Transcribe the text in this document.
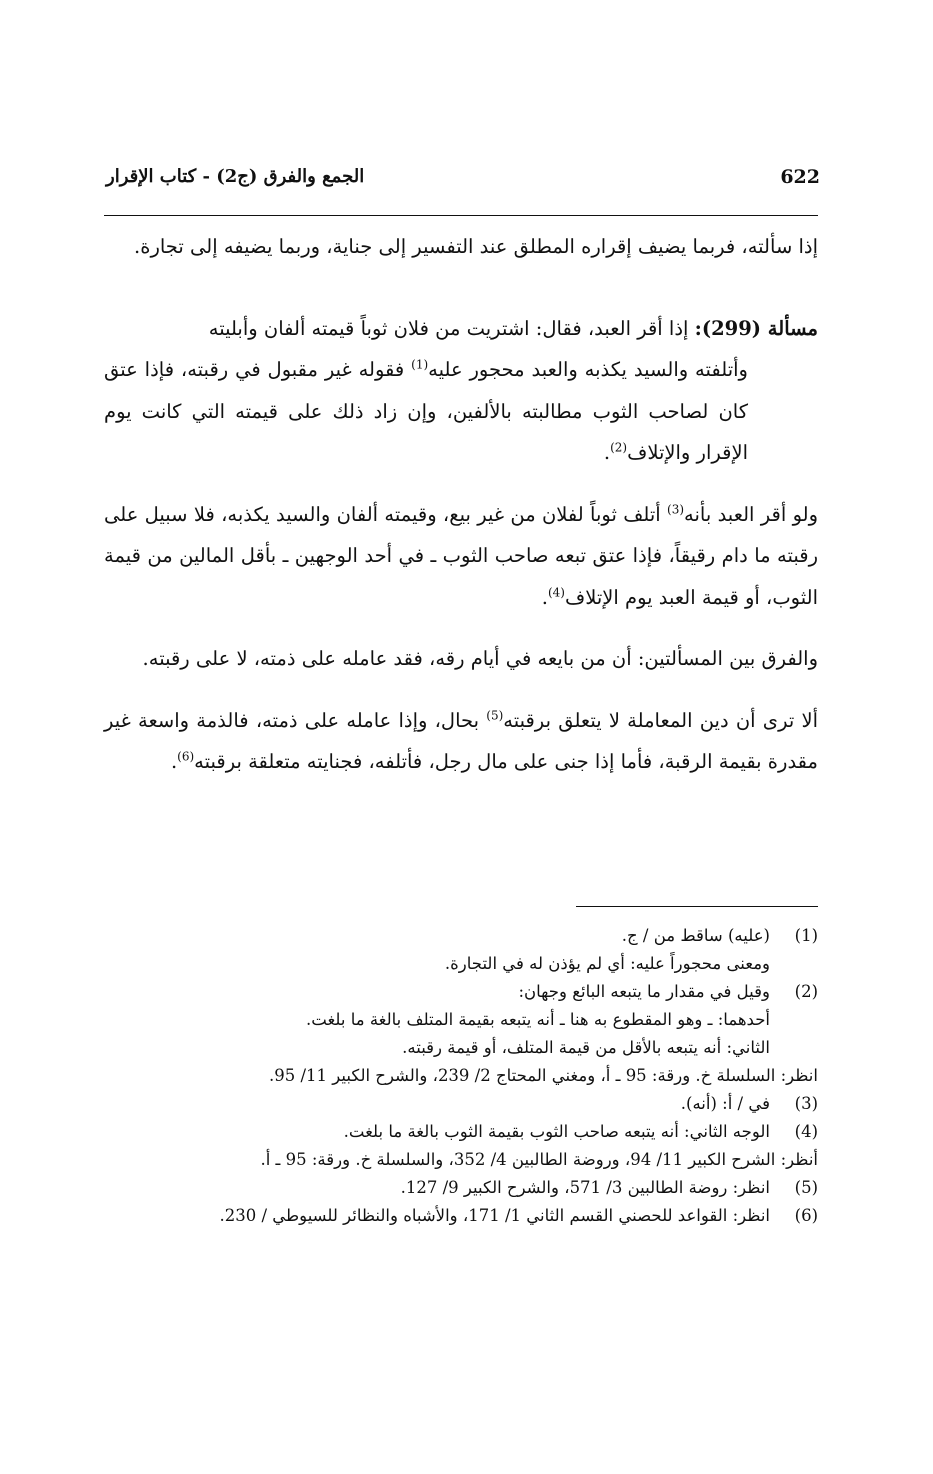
622
الجمع والفرق (ج2) - كتاب الإقرار

إذا سألته، فربما يضيف إقراره المطلق عند التفسير إلى جناية، وربما يضيفه إلى تجارة.

مسألة (299): إذا أقر العبد، فقال: اشتريت من فلان ثوباً قيمته ألفان وأبليته
وأتلفته والسيد يكذبه والعبد محجور عليه$^{(1)}$ فقوله غير مقبول في رقبته، فإذا عتق كان لصاحب الثوب مطالبته بالألفين، وإن زاد ذلك على قيمته التي كانت يوم الإقرار والإتلاف$^{(2)}$.

ولو أقر العبد بأنه$^{(3)}$ أتلف ثوباً لفلان من غير بيع، وقيمته ألفان والسيد يكذبه، فلا سبيل على رقبته ما دام رقيقاً، فإذا عتق تبعه صاحب الثوب ـ في أحد الوجهين ـ بأقل المالين من قيمة الثوب، أو قيمة العبد يوم الإتلاف$^{(4)}$.

والفرق بين المسألتين: أن من بايعه في أيام رقه، فقد عامله على ذمته، لا على رقبته.

ألا ترى أن دين المعاملة لا يتعلق برقبته$^{(5)}$ بحال، وإذا عامله على ذمته، فالذمة واسعة غير مقدرة بقيمة الرقبة، فأما إذا جنى على مال رجل، فأتلفه، فجنايته متعلقة برقبته$^{(6)}$.

(1)
(عليه) ساقط من / ج.
ومعنى محجوراً عليه: أي لم يؤذن له في التجارة.
(2)
وقيل في مقدار ما يتبعه البائع وجهان:
أحدهما: ـ وهو المقطوع به هنا ـ أنه يتبعه بقيمة المتلف بالغة ما بلغت.
الثاني: أنه يتبعه بالأقل من قيمة المتلف، أو قيمة رقبته.
انظر: السلسلة خ. ورقة: 95 ـ أ، ومغني المحتاج 2/ 239، والشرح الكبير 11/ 95.
(3)
في / أ: (أنه).
(4)
الوجه الثاني: أنه يتبعه صاحب الثوب بقيمة الثوب بالغة ما بلغت.
أنظر: الشرح الكبير 11/ 94، وروضة الطالبين 4/ 352، والسلسلة خ. ورقة: 95 ـ أ.
(5)
انظر: روضة الطالبين 3/ 571، والشرح الكبير 9/ 127.
(6)
انظر: القواعد للحصني القسم الثاني 1/ 171، والأشباه والنظائر للسيوطي / 230.
